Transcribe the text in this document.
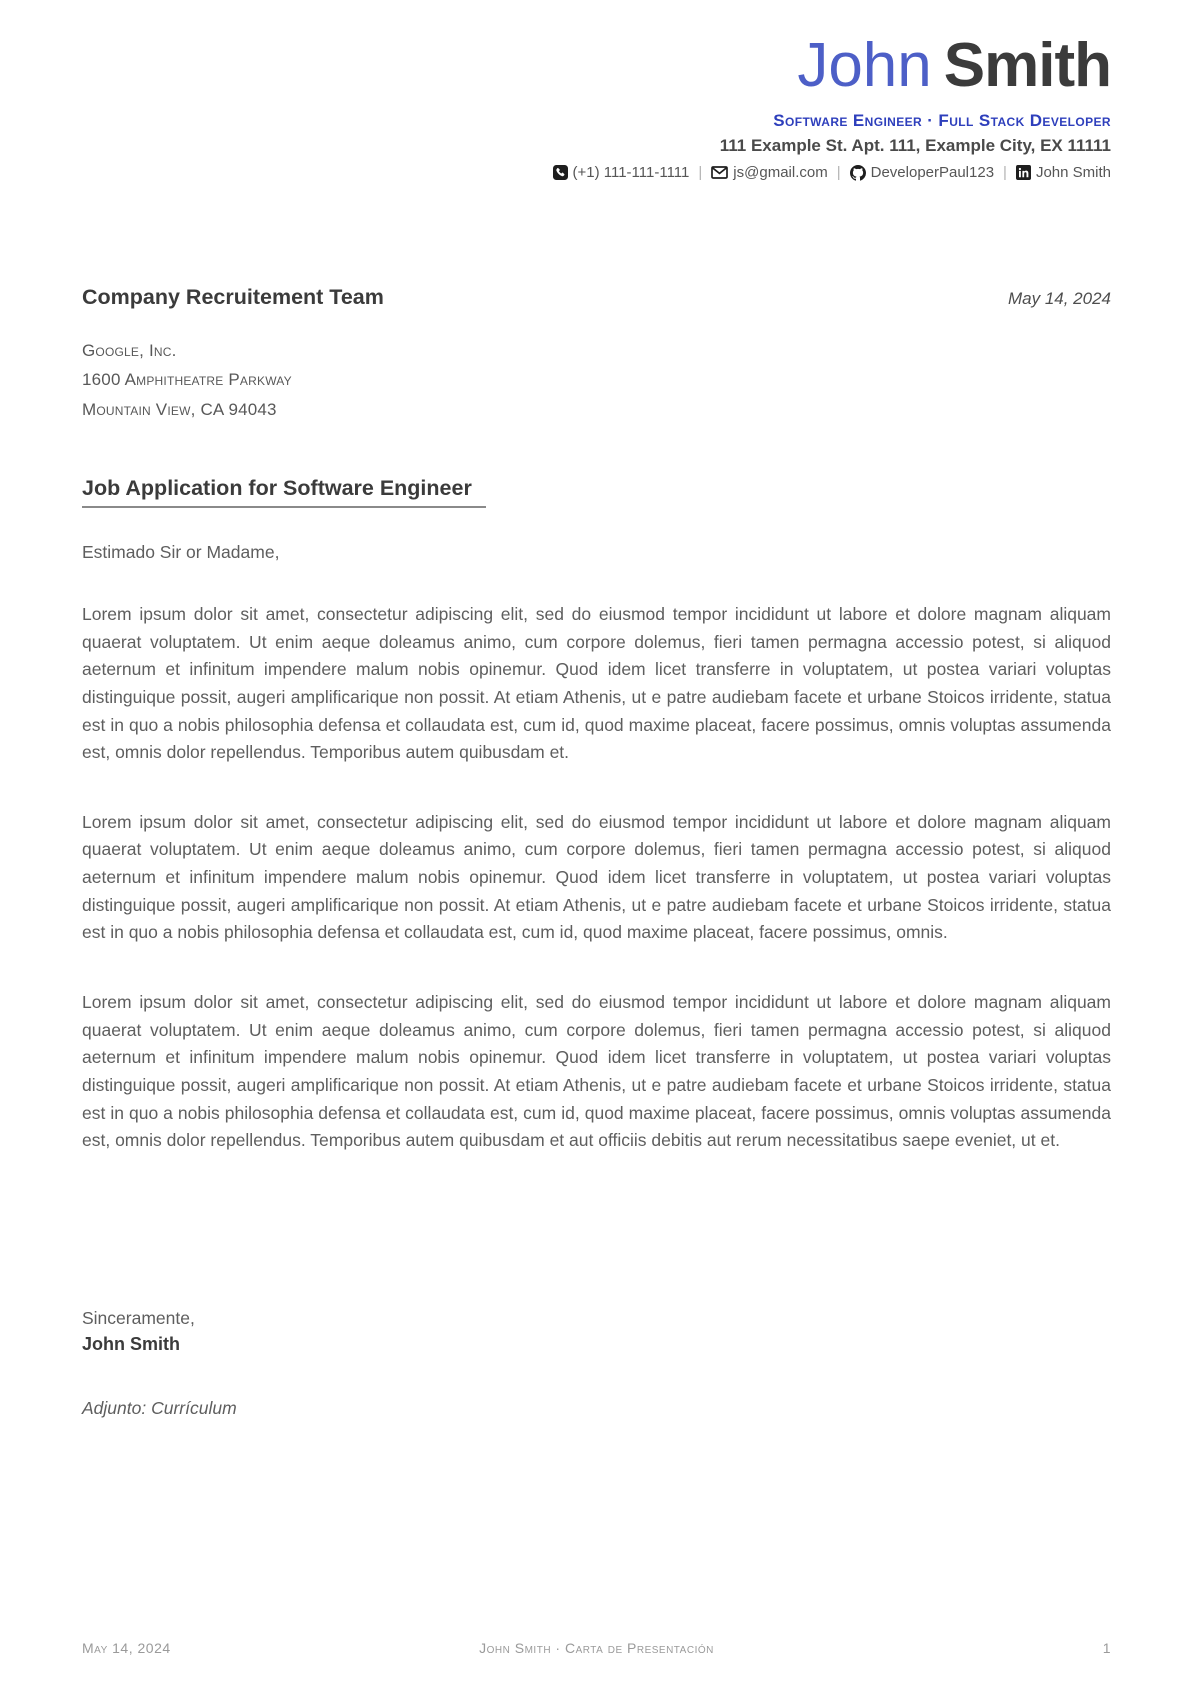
John Smith
Software Engineer · Full Stack Developer
111 Example St. Apt. 111, Example City, EX 11111
(+1) 111-111-1111 | js@gmail.com | DeveloperPaul123 | John Smith
Company Recruitement Team	May 14, 2024
Google, Inc.
1600 Amphitheatre Parkway
Mountain View, CA 94043
Job Application for Software Engineer
Estimado Sir or Madame,

Lorem ipsum dolor sit amet, consectetur adipiscing elit, sed do eiusmod tempor incididunt ut labore et dolore magnam aliquam quaerat voluptatem. Ut enim aeque doleamus animo, cum corpore dolemus, fieri tamen permagna accessio potest, si aliquod aeternum et infinitum impendere malum nobis opinemur. Quod idem licet transferre in voluptatem, ut postea variari voluptas distinguique possit, augeri amplificarique non possit. At etiam Athenis, ut e patre audiebam facete et urbane Stoicos irridente, statua est in quo a nobis philosophia defensa et collaudata est, cum id, quod maxime placeat, facere possimus, omnis voluptas assumenda est, omnis dolor repellendus. Temporibus autem quibusdam et.

Lorem ipsum dolor sit amet, consectetur adipiscing elit, sed do eiusmod tempor incididunt ut labore et dolore magnam aliquam quaerat voluptatem. Ut enim aeque doleamus animo, cum corpore dolemus, fieri tamen permagna accessio potest, si aliquod aeternum et infinitum impendere malum nobis opinemur. Quod idem licet transferre in voluptatem, ut postea variari voluptas distinguique possit, augeri amplificarique non possit. At etiam Athenis, ut e patre audiebam facete et urbane Stoicos irridente, statua est in quo a nobis philosophia defensa et collaudata est, cum id, quod maxime placeat, facere possimus, omnis.

Lorem ipsum dolor sit amet, consectetur adipiscing elit, sed do eiusmod tempor incididunt ut labore et dolore magnam aliquam quaerat voluptatem. Ut enim aeque doleamus animo, cum corpore dolemus, fieri tamen permagna accessio potest, si aliquod aeternum et infinitum impendere malum nobis opinemur. Quod idem licet transferre in voluptatem, ut postea variari voluptas distinguique possit, augeri amplificarique non possit. At etiam Athenis, ut e patre audiebam facete et urbane Stoicos irridente, statua est in quo a nobis philosophia defensa et collaudata est, cum id, quod maxime placeat, facere possimus, omnis voluptas assumenda est, omnis dolor repellendus. Temporibus autem quibusdam et aut officiis debitis aut rerum necessitatibus saepe eveniet, ut et.

Sinceramente,
John Smith
Adjunto: Currículum
May 14, 2024	John Smith · Carta de Presentación	1
